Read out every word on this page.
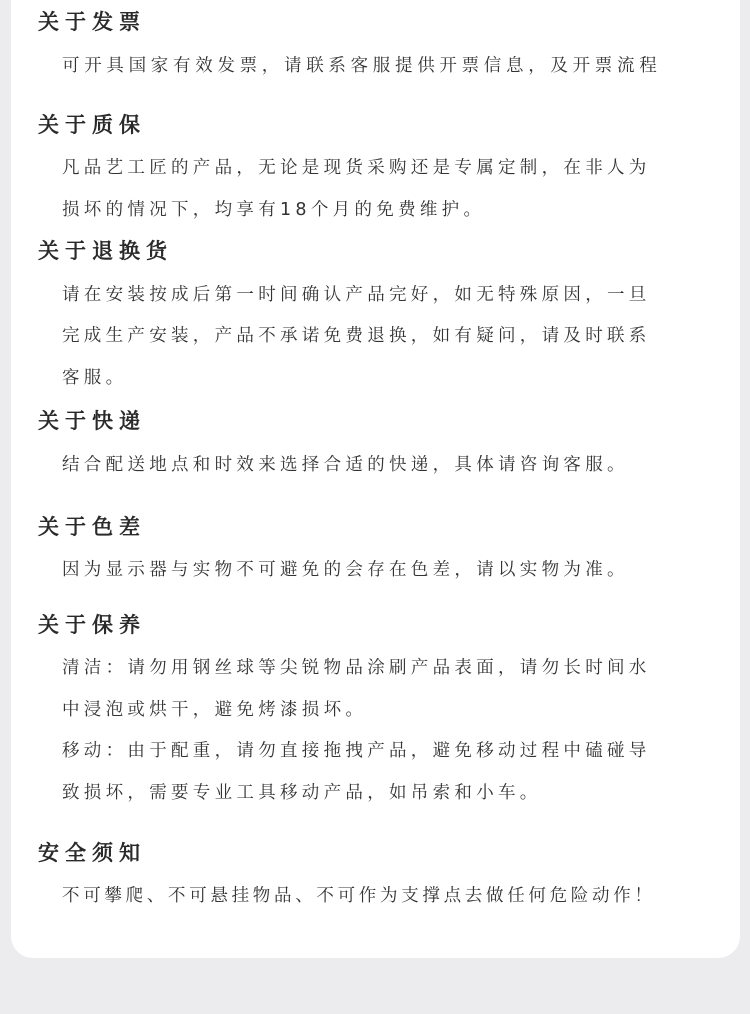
关于发票

可开具国家有效发票，请联系客服提供开票信息，及开票流程

关于质保

凡品艺工匠的产品，无论是现货采购还是专属定制，在非人为

损坏的情况下，均享有18个月的免费维护。

关于退换货

请在安装按成后第一时间确认产品完好，如无特殊原因，一旦

完成生产安装，产品不承诺免费退换，如有疑问，请及时联系

客服。

关于快递

结合配送地点和时效来选择合适的快递，具体请咨询客服。

关于色差

因为显示器与实物不可避免的会存在色差，请以实物为准。

关于保养

清洁：请勿用钢丝球等尖锐物品涂刷产品表面，请勿长时间水

中浸泡或烘干，避免烤漆损坏。

移动：由于配重，请勿直接拖拽产品，避免移动过程中磕碰导

致损坏，需要专业工具移动产品，如吊索和小车。

安全须知

不可攀爬、不可悬挂物品、不可作为支撑点去做任何危险动作！
